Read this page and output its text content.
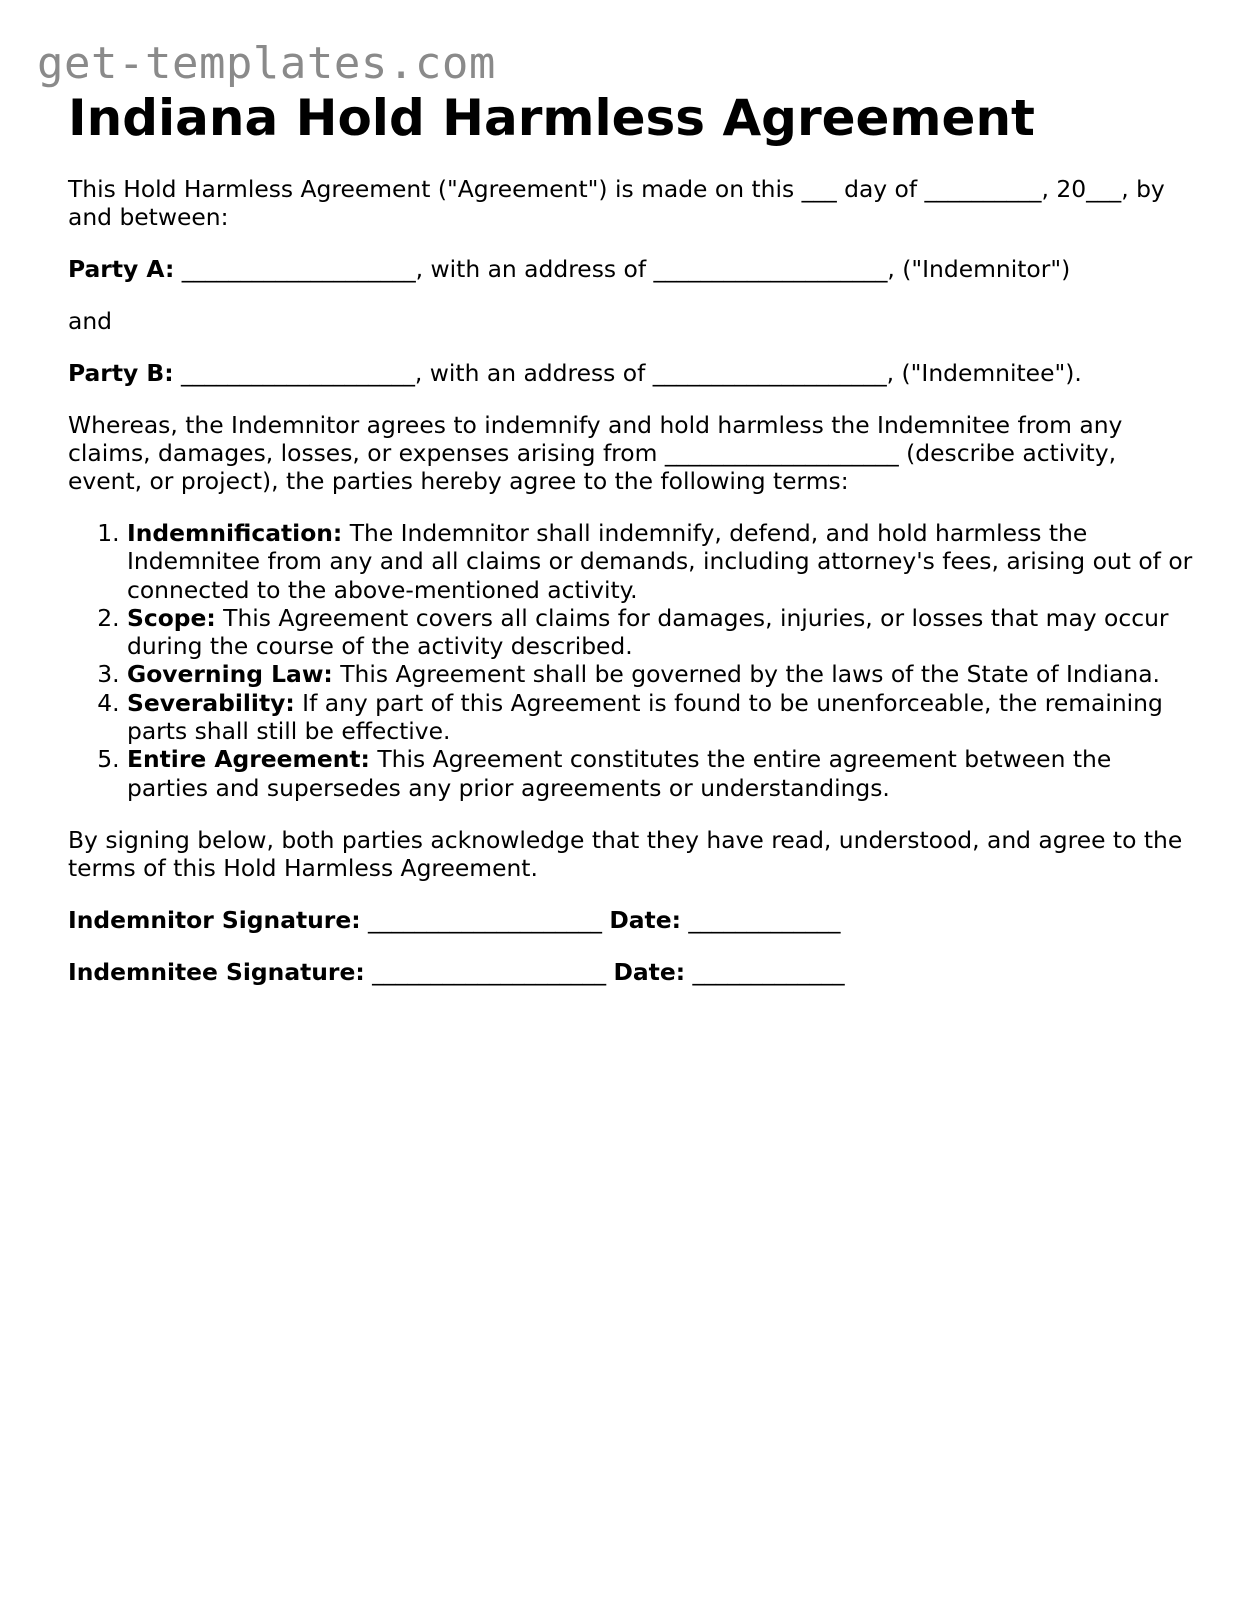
get-templates.com
Indiana Hold Harmless Agreement

This Hold Harmless Agreement ("Agreement") is made on this ___ day of __________, 20___, by and between:

Party A: ____________________, with an address of ____________________, ("Indemnitor")

and

Party B: ____________________, with an address of ____________________, ("Indemnitee").

Whereas, the Indemnitor agrees to indemnify and hold harmless the Indemnitee from any claims, damages, losses, or expenses arising from ____________________ (describe activity, event, or project), the parties hereby agree to the following terms:

1. Indemnification: The Indemnitor shall indemnify, defend, and hold harmless the Indemnitee from any and all claims or demands, including attorney's fees, arising out of or connected to the above-mentioned activity.
2. Scope: This Agreement covers all claims for damages, injuries, or losses that may occur during the course of the activity described.
3. Governing Law: This Agreement shall be governed by the laws of the State of Indiana.
4. Severability: If any part of this Agreement is found to be unenforceable, the remaining parts shall still be effective.
5. Entire Agreement: This Agreement constitutes the entire agreement between the parties and supersedes any prior agreements or understandings.

By signing below, both parties acknowledge that they have read, understood, and agree to the terms of this Hold Harmless Agreement.

Indemnitor Signature: ____________________ Date: _____________

Indemnitee Signature: ____________________ Date: _____________
